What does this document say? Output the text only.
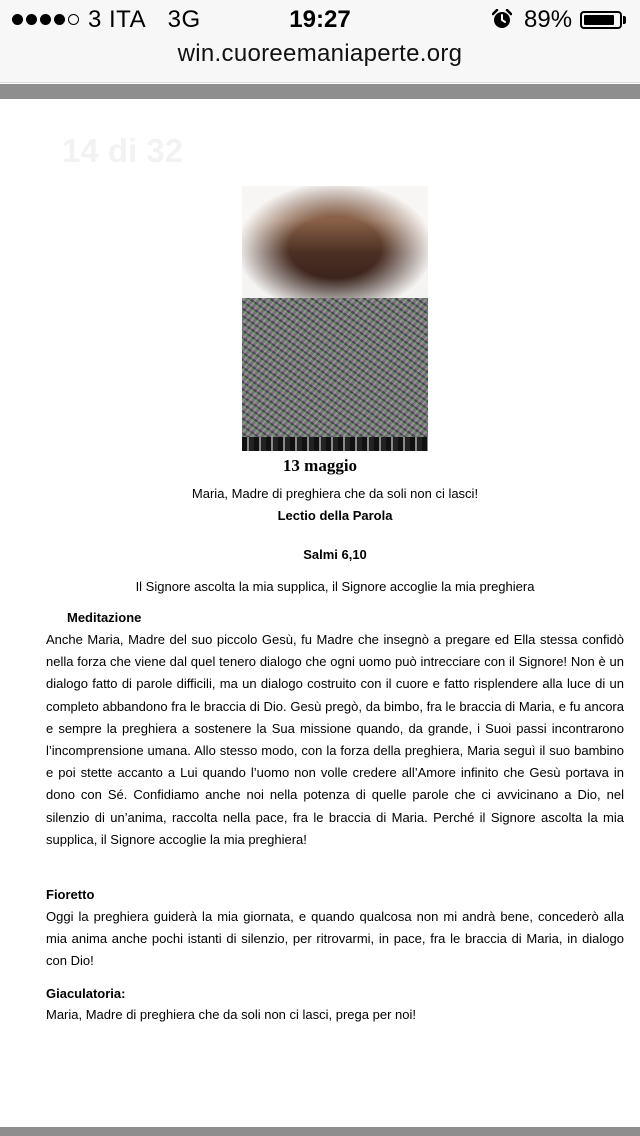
3 ITA 3G	19:27	89%
win.cuoreemaniaperte.org
14 di 32
13 maggio
Maria, Madre di preghiera che da soli non ci lasci!
Lectio della Parola
Salmi 6,10
Il Signore ascolta la mia supplica, il Signore accoglie la mia preghiera
Meditazione

Anche Maria, Madre del suo piccolo Gesù, fu Madre che insegnò a pregare ed Ella stessa confidò nella forza che viene dal quel tenero dialogo che ogni uomo può intrecciare con il Signore! Non è un dialogo fatto di parole difficili, ma un dialogo costruito con il cuore e fatto risplendere alla luce di un completo abbandono fra le braccia di Dio. Gesù pregò, da bimbo, fra le braccia di Maria, e fu ancora e sempre la preghiera a sostenere la Sua missione quando, da grande, i Suoi passi incontrarono l’incomprensione umana. Allo stesso modo, con la forza della preghiera, Maria seguì il suo bambino e poi stette accanto a Lui quando l’uomo non volle credere all’Amore infinito che Gesù portava in dono con Sé. Confidiamo anche noi nella potenza di quelle parole che ci avvicinano a Dio, nel silenzio di un’anima, raccolta nella pace, fra le braccia di Maria. Perché il Signore ascolta la mia supplica, il Signore accoglie la mia preghiera!

Fioretto

Oggi la preghiera guiderà la mia giornata, e quando qualcosa non mi andrà bene, concederò alla mia anima anche pochi istanti di silenzio, per ritrovarmi, in pace, fra le braccia di Maria, in dialogo con Dio!

Giaculatoria:

Maria, Madre di preghiera che da soli non ci lasci, prega per noi!
